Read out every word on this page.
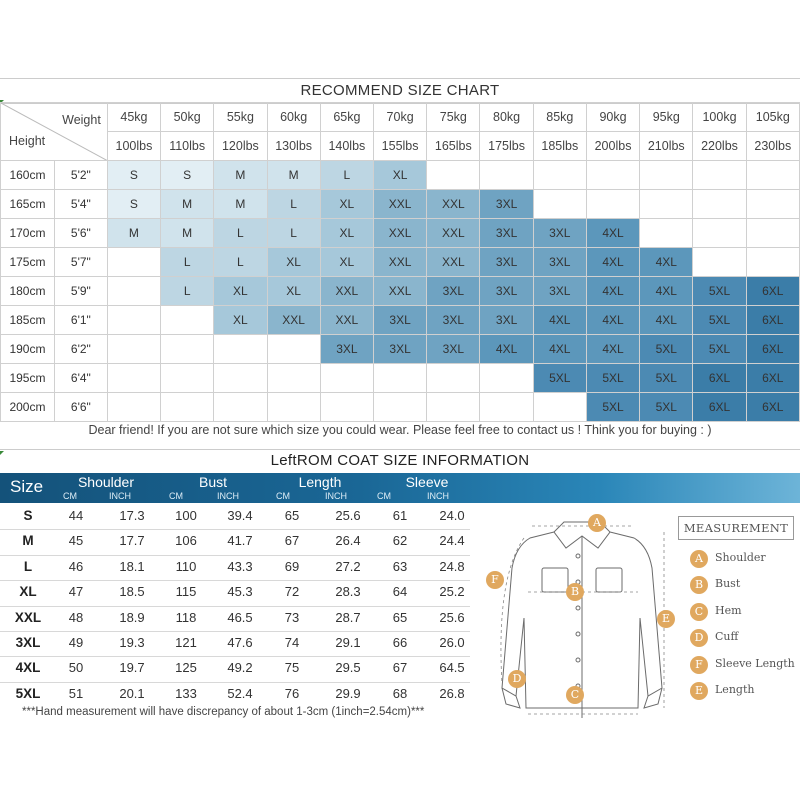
RECOMMEND SIZE CHART
Weight
Height		45kg	50kg	55kg	60kg	65kg	70kg	75kg	80kg	85kg	90kg	95kg	100kg	105kg
		100lbs	110lbs	120lbs	130lbs	140lbs	155lbs	165lbs	175lbs	185lbs	200lbs	210lbs	220lbs	230lbs
160cm	5'2"	S	S	M	M	L	XL							
165cm	5'4"	S	M	M	L	XL	XXL	XXL	3XL					
170cm	5'6"	M	M	L	L	XL	XXL	XXL	3XL	3XL	4XL			
175cm	5'7"		L	L	XL	XL	XXL	XXL	3XL	3XL	4XL	4XL		
180cm	5'9"		L	XL	XL	XXL	XXL	3XL	3XL	3XL	4XL	4XL	5XL	6XL
185cm	6'1"			XL	XXL	XXL	3XL	3XL	3XL	4XL	4XL	4XL	5XL	6XL
190cm	6'2"					3XL	3XL	3XL	4XL	4XL	4XL	5XL	5XL	6XL
195cm	6'4"									5XL	5XL	5XL	6XL	6XL
200cm	6'6"										5XL	5XL	6XL	6XL
Dear friend! If you are not sure which size you could wear. Please feel free to contact us ! Think you for buying : )
LeftROM COAT SIZE INFORMATION
Size	Shoulder
CM	INCH
Bust
CM	INCH
Length
CM	INCH
Sleeve
CM	INCH
S	44	17.3	100	39.4	65	25.6	61	24.0
M	45	17.7	106	41.7	67	26.4	62	24.4
L	46	18.1	110	43.3	69	27.2	63	24.8
XL	47	18.5	115	45.3	72	28.3	64	25.2
XXL	48	18.9	118	46.5	73	28.7	65	25.6
3XL	49	19.3	121	47.6	74	29.1	66	26.0
4XL	50	19.7	125	49.2	75	29.5	67	64.5
5XL	51	20.1	133	52.4	76	29.9	68	26.8
***Hand measurement will have discrepancy of about 1-3cm (1inch=2.54cm)***
A
B
C
D
F
E
MEASUREMENT
A	Shoulder
B	Bust
C	Hem
D	Cuff
F	Sleeve Length
E	Length
